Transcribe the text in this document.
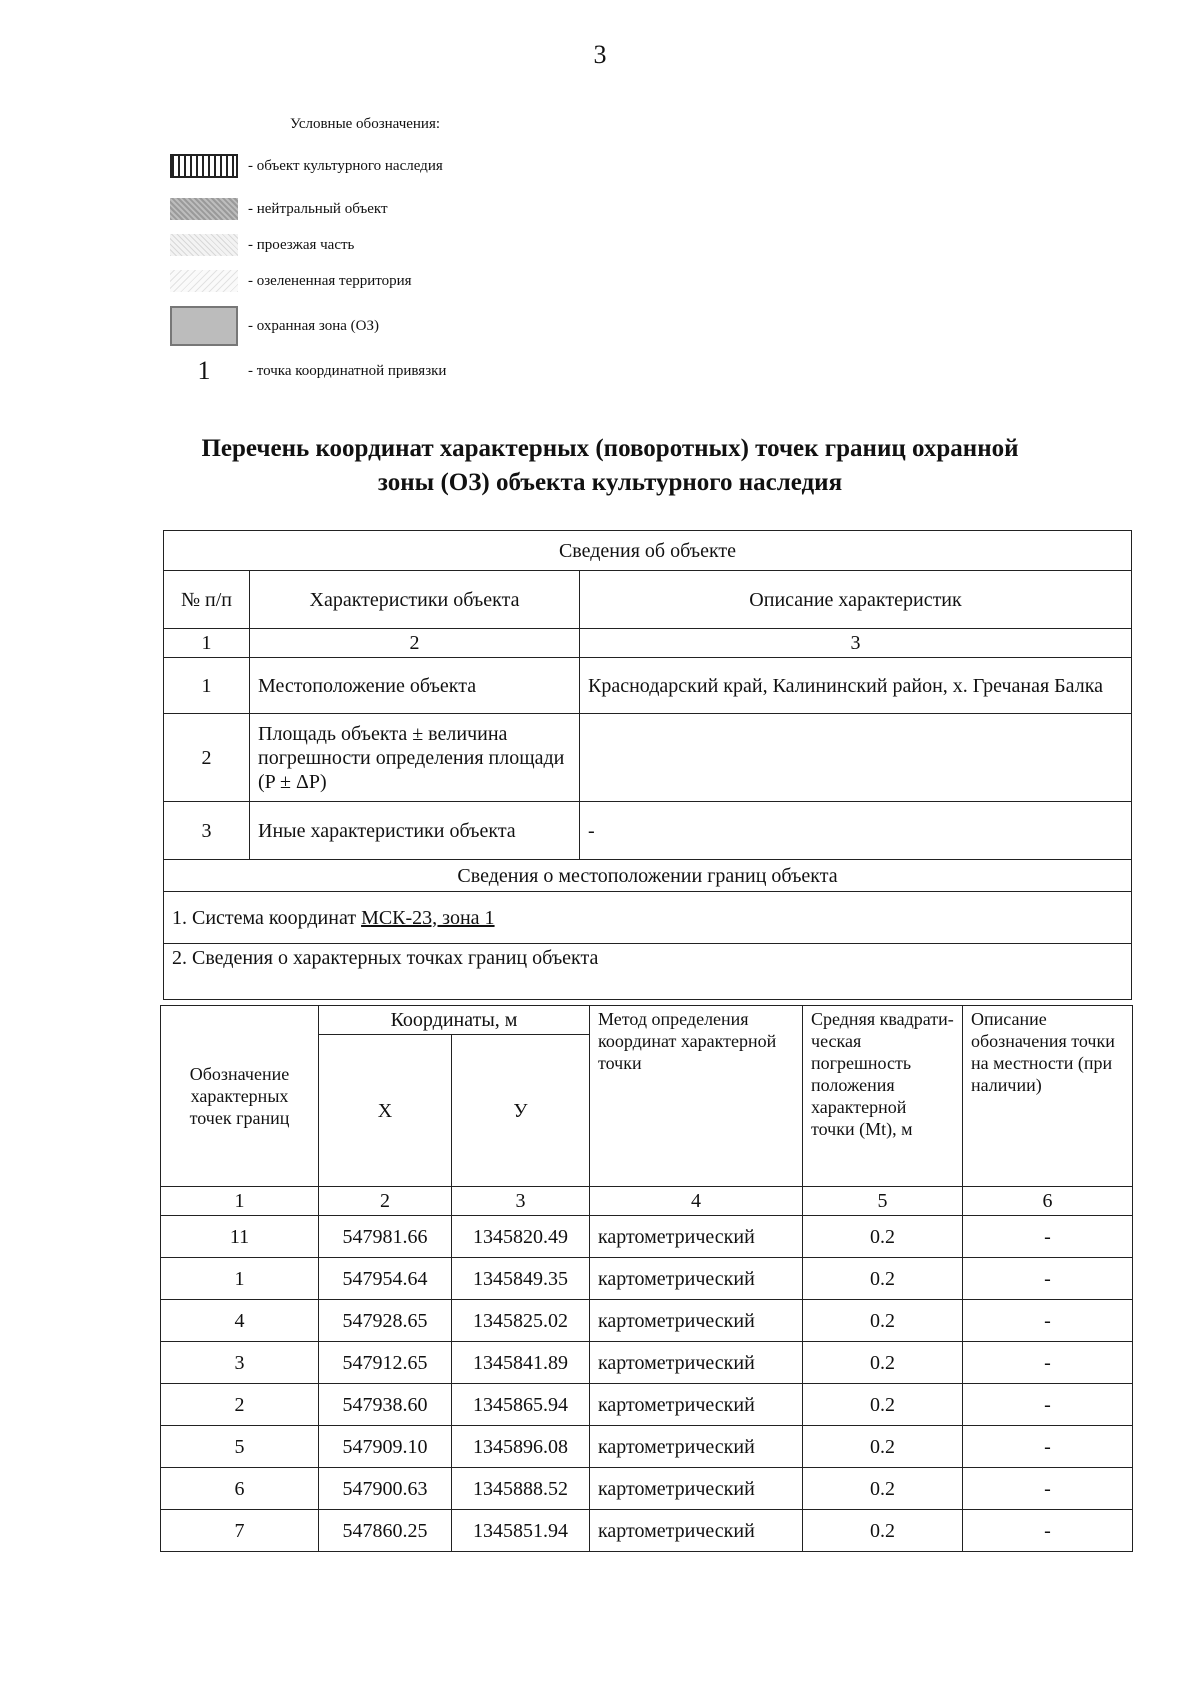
3
Условные обозначения:
- объект культурного наследия
- нейтральный объект
- проезжая часть
- озелененная территория
- охранная зона (ОЗ)
1	- точка координатной привязки
Перечень координат характерных (поворотных) точек границ охранной
зоны (ОЗ) объекта культурного наследия
Сведения об объекте		
№ п/п	Характеристики объекта	Описание характеристик
1	2	3
1	Местоположение объекта	Краснодарский край, Калининский район, х. Гречаная Балка
2	Площадь объекта ± величина погрешности определения площади (P ± ΔP)	
3	Иные характеристики объекта	-
Сведения о местоположении границ объекта		
1. Система координат МСК-23, зона 1		
2. Сведения о характерных точках границ объекта		
Обозначение характерных точек границ	Координаты, м		Метод определения координат характерной точки	Средняя квадрати-ческая погрешность положения характерной точки (Mt), м	Описание обозначения точки на местности (при наличии)
	X	У			
1	2	3	4	5	6
11	547981.66	1345820.49	картометрический	0.2	-
1	547954.64	1345849.35	картометрический	0.2	-
4	547928.65	1345825.02	картометрический	0.2	-
3	547912.65	1345841.89	картометрический	0.2	-
2	547938.60	1345865.94	картометрический	0.2	-
5	547909.10	1345896.08	картометрический	0.2	-
6	547900.63	1345888.52	картометрический	0.2	-
7	547860.25	1345851.94	картометрический	0.2	-
